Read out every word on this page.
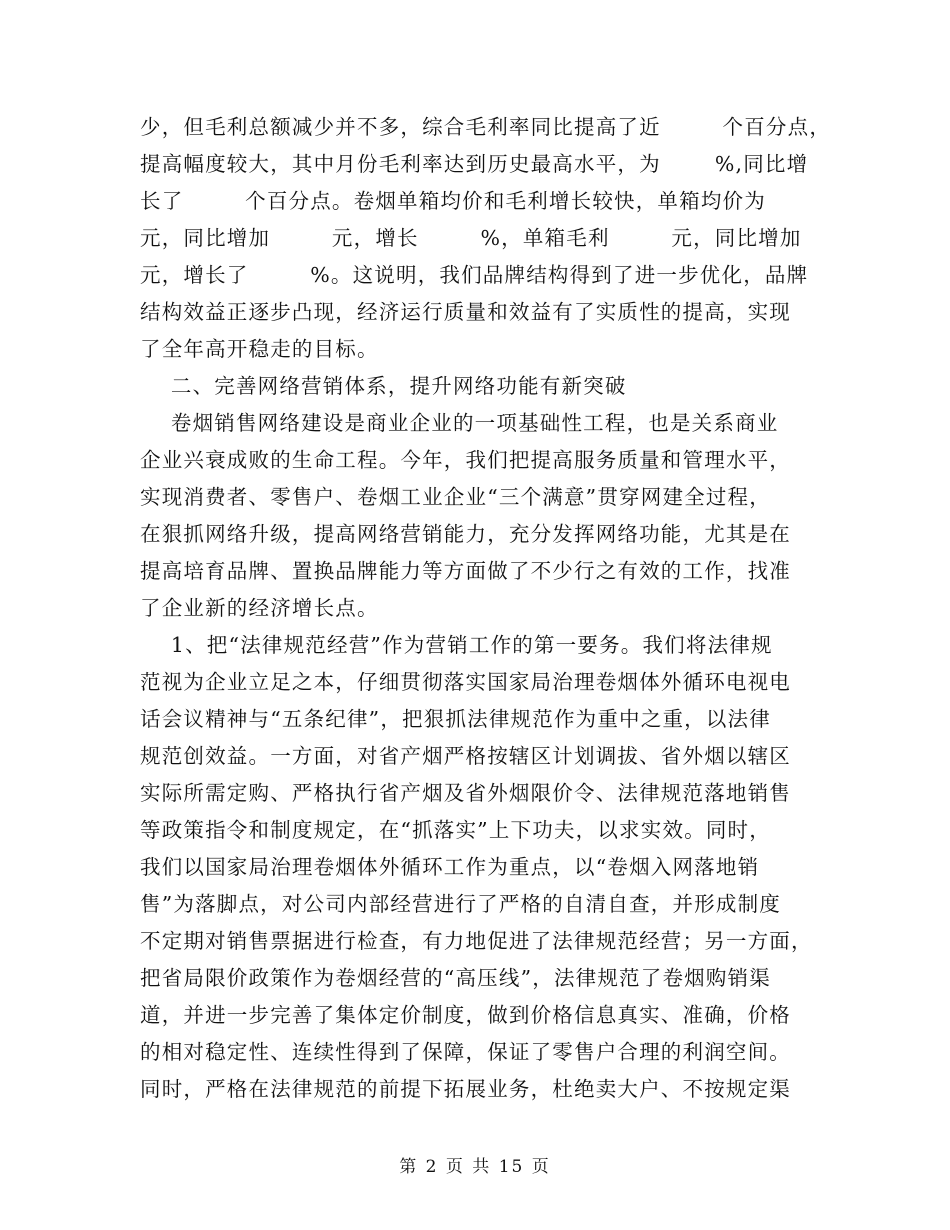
少，但毛利总额减少并不多，综合毛利率同比提高了近        个百分点，
提高幅度较大，其中月份毛利率达到历史最高水平，为       %,同比增
长了        个百分点。卷烟单箱均价和毛利增长较快，单箱均价为
元，同比增加        元，增长        %，单箱毛利        元，同比增加
元，增长了        %。这说明，我们品牌结构得到了进一步优化，品牌
结构效益正逐步凸现，经济运行质量和效益有了实质性的提高，实现
了全年高开稳走的目标。
二、完善网络营销体系，提升网络功能有新突破
卷烟销售网络建设是商业企业的一项基础性工程，也是关系商业
企业兴衰成败的生命工程。今年，我们把提高服务质量和管理水平，
实现消费者、零售户、卷烟工业企业“三个满意”贯穿网建全过程，
在狠抓网络升级，提高网络营销能力，充分发挥网络功能，尤其是在
提高培育品牌、置换品牌能力等方面做了不少行之有效的工作，找准
了企业新的经济增长点。
1、把“法律规范经营”作为营销工作的第一要务。我们将法律规
范视为企业立足之本，仔细贯彻落实国家局治理卷烟体外循环电视电
话会议精神与“五条纪律”，把狠抓法律规范作为重中之重，以法律
规范创效益。一方面，对省产烟严格按辖区计划调拔、省外烟以辖区
实际所需定购、严格执行省产烟及省外烟限价令、法律规范落地销售
等政策指令和制度规定，在“抓落实”上下功夫，以求实效。同时，
我们以国家局治理卷烟体外循环工作为重点，以“卷烟入网落地销
售”为落脚点，对公司内部经营进行了严格的自清自查，并形成制度
不定期对销售票据进行检查，有力地促进了法律规范经营；另一方面，
把省局限价政策作为卷烟经营的“高压线”，法律规范了卷烟购销渠
道，并进一步完善了集体定价制度，做到价格信息真实、准确，价格
的相对稳定性、连续性得到了保障，保证了零售户合理的利润空间。
同时，严格在法律规范的前提下拓展业务，杜绝卖大户、不按规定渠
第 2 页 共 15 页
